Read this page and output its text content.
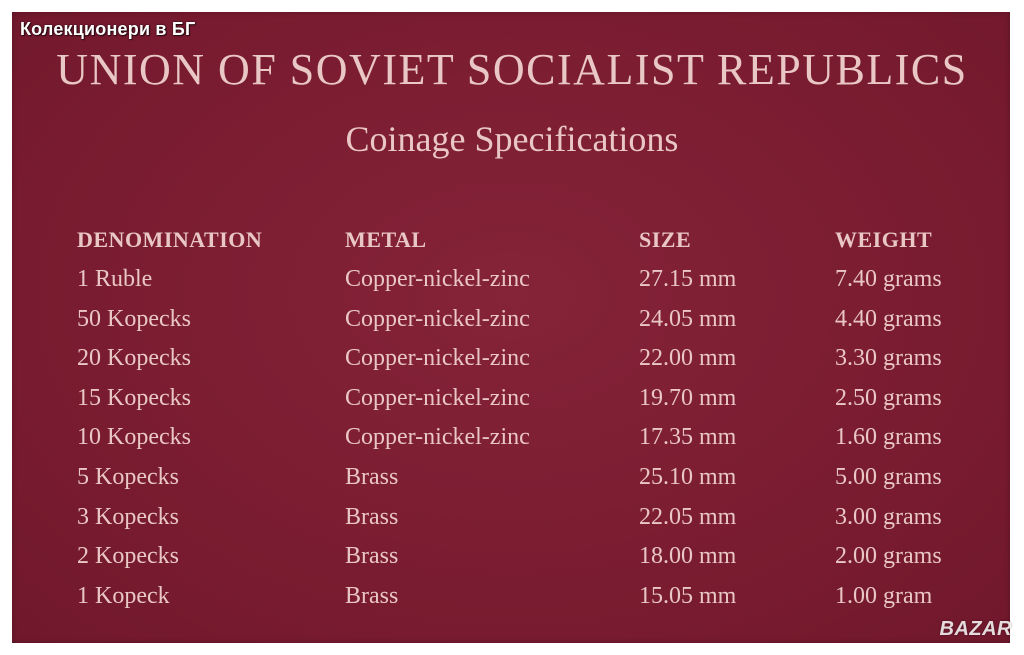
Колекционери в БГ
UNION OF SOVIET SOCIALIST REPUBLICS
Coinage Specifications
DENOMINATION	METAL	SIZE	WEIGHT
1 Ruble	Copper-nickel-zinc	27.15 mm	7.40 grams
50 Kopecks	Copper-nickel-zinc	24.05 mm	4.40 grams
20 Kopecks	Copper-nickel-zinc	22.00 mm	3.30 grams
15 Kopecks	Copper-nickel-zinc	19.70 mm	2.50 grams
10 Kopecks	Copper-nickel-zinc	17.35 mm	1.60 grams
5 Kopecks	Brass	25.10 mm	5.00 grams
3 Kopecks	Brass	22.05 mm	3.00 grams
2 Kopecks	Brass	18.00 mm	2.00 grams
1 Kopeck	Brass	15.05 mm	1.00 gram
BAZAR
